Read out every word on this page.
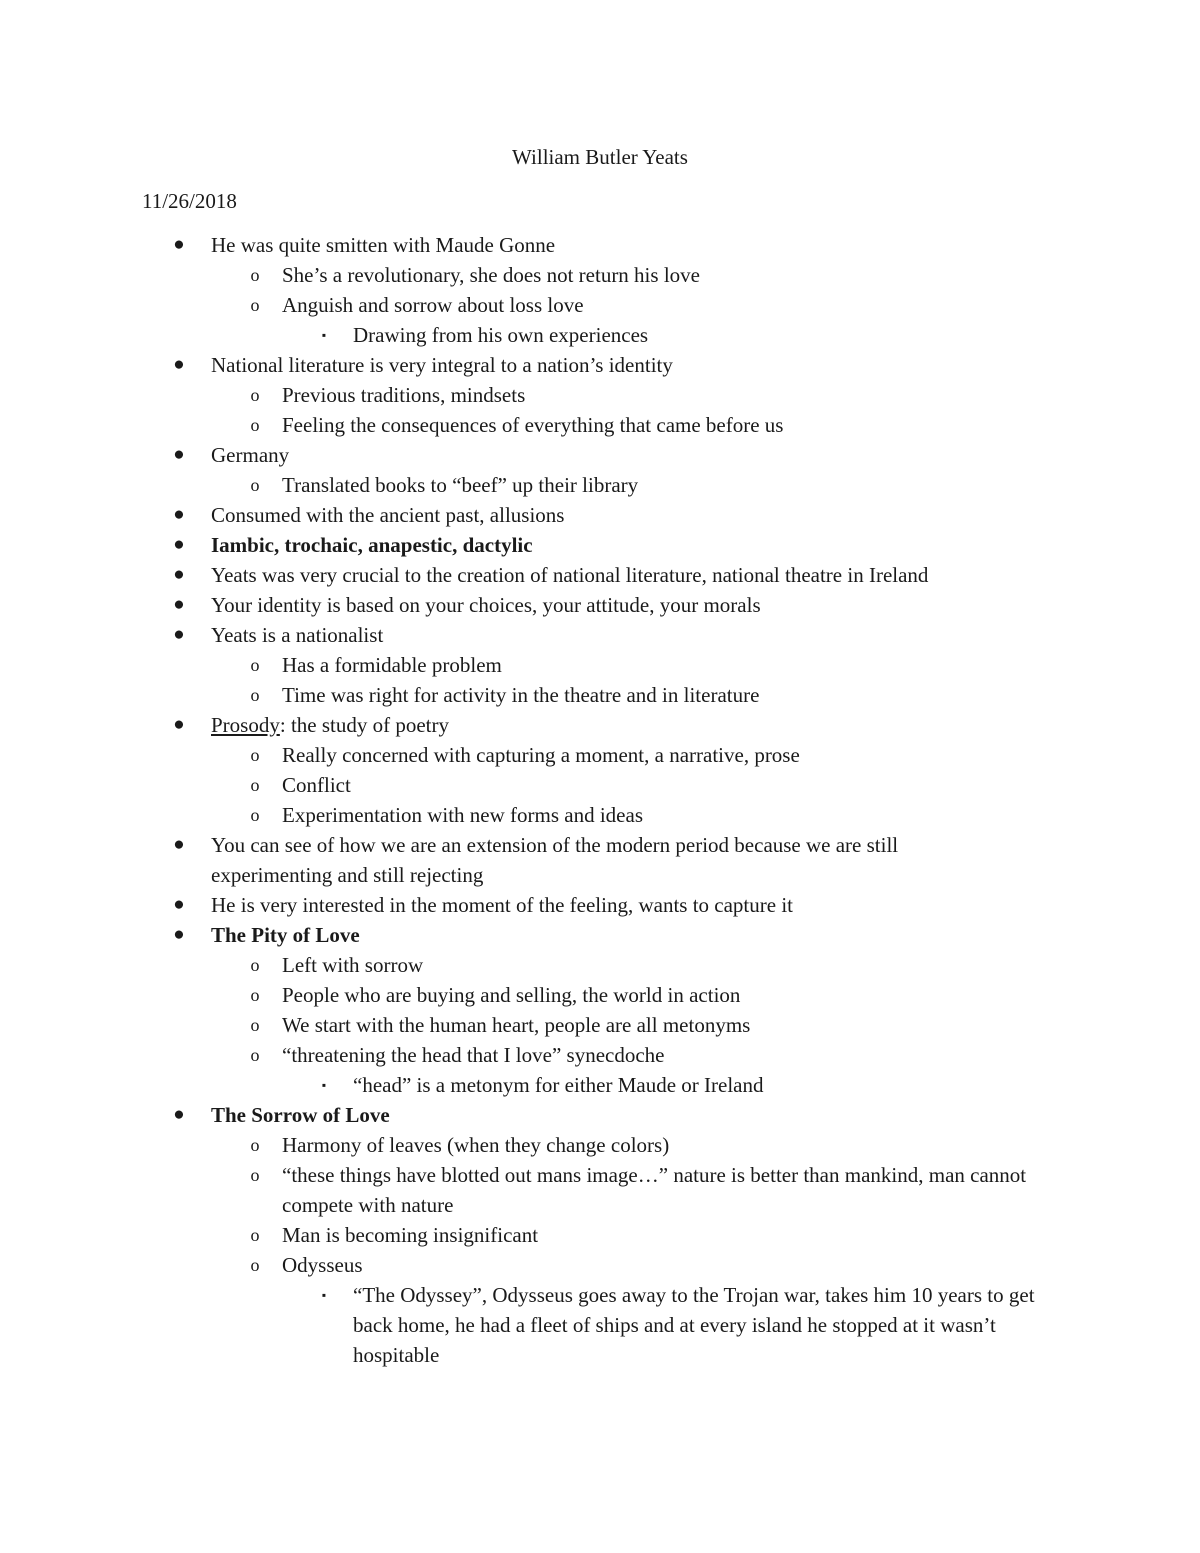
William Butler Yeats
11/26/2018
● He was quite smitten with Maude Gonne
o	She’s a revolutionary, she does not return his love
o	Anguish and sorrow about loss love
▪	Drawing from his own experiences
● National literature is very integral to a nation’s identity
o	Previous traditions, mindsets
o	Feeling the consequences of everything that came before us
● Germany
o	Translated books to “beef” up their library
● Consumed with the ancient past, allusions
● Iambic, trochaic, anapestic, dactylic
● Yeats was very crucial to the creation of national literature, national theatre in Ireland
● Your identity is based on your choices, your attitude, your morals
● Yeats is a nationalist
o	Has a formidable problem
o	Time was right for activity in the theatre and in literature
● Prosody: the study of poetry
o	Really concerned with capturing a moment, a narrative, prose
o	Conflict
o	Experimentation with new forms and ideas
● You can see of how we are an extension of the modern period because we are still experimenting and still rejecting
● He is very interested in the moment of the feeling, wants to capture it
● The Pity of Love
o	Left with sorrow
o	People who are buying and selling, the world in action
o	We start with the human heart, people are all metonyms
o	“threatening the head that I love” synecdoche
▪	“head” is a metonym for either Maude or Ireland
● The Sorrow of Love
o	Harmony of leaves (when they change colors)
o	“these things have blotted out mans image…” nature is better than mankind, man cannot compete with nature
o	Man is becoming insignificant
o	Odysseus
▪	“The Odyssey”, Odysseus goes away to the Trojan war, takes him 10 years to get back home, he had a fleet of ships and at every island he stopped at it wasn’t hospitable
